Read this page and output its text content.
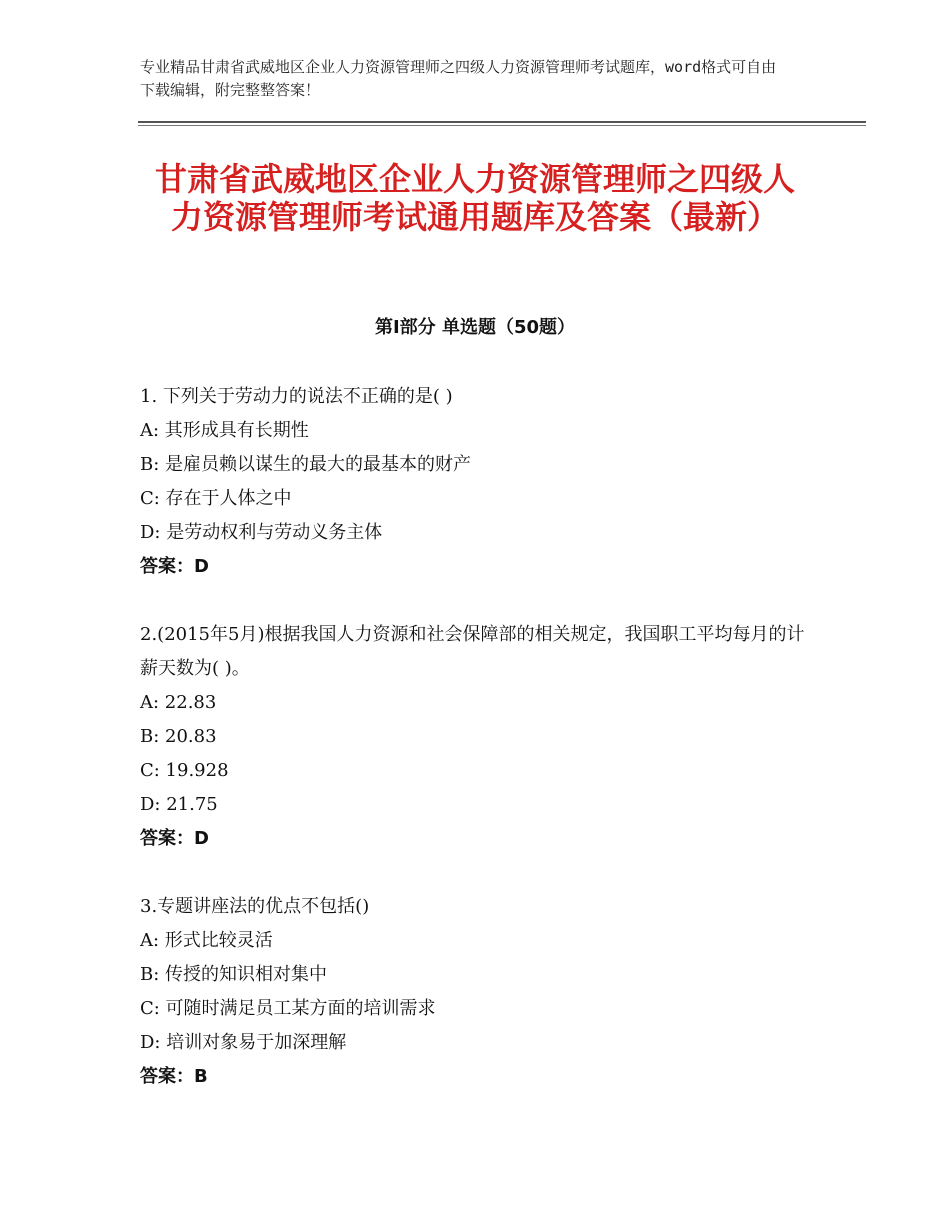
专业精品甘肃省武威地区企业人力资源管理师之四级人力资源管理师考试题库，word格式可自由下载编辑，附完整整答案！
甘肃省武威地区企业人力资源管理师之四级人力资源管理师考试通用题库及答案（最新）
第Ⅰ部分 单选题（50题）
1. 下列关于劳动力的说法不正确的是( )
A: 其形成具有长期性
B: 是雇员赖以谋生的最大的最基本的财产
C: 存在于人体之中
D: 是劳动权利与劳动义务主体
答案：D
2.(2015年5月)根据我国人力资源和社会保障部的相关规定，我国职工平均每月的计薪天数为( )。
A: 22.83
B: 20.83
C: 19.928
D: 21.75
答案：D
3.专题讲座法的优点不包括()
A: 形式比较灵活
B: 传授的知识相对集中
C: 可随时满足员工某方面的培训需求
D: 培训对象易于加深理解
答案：B
